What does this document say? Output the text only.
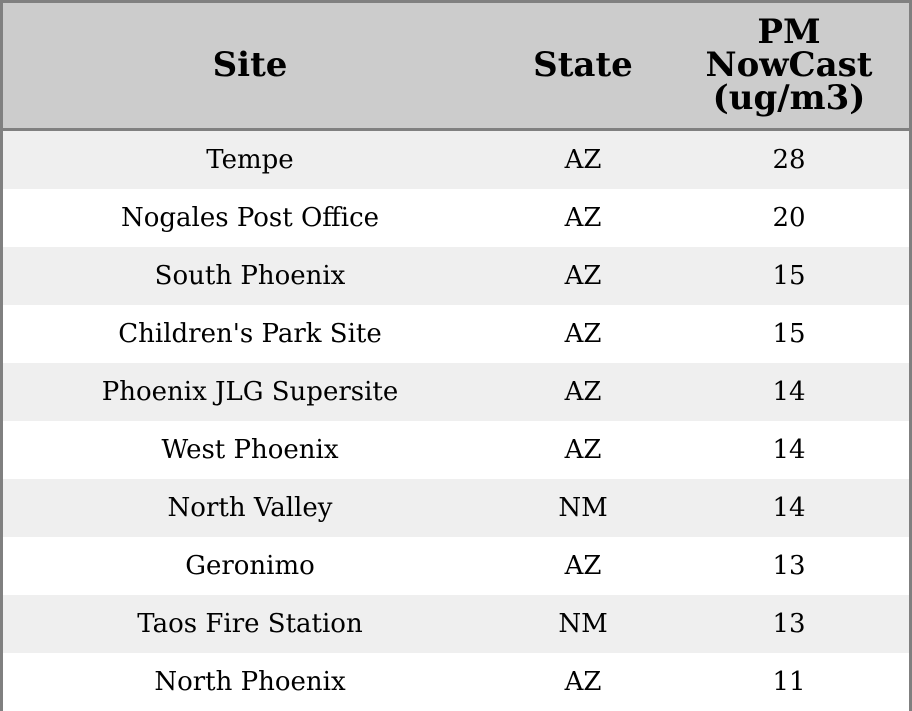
Site	State	PM
NowCast
(ug/m3)

Tempe	AZ	28
Nogales Post Office	AZ	20
South Phoenix	AZ	15
Children's Park Site	AZ	15
Phoenix JLG Supersite	AZ	14
West Phoenix	AZ	14
North Valley	NM	14
Geronimo	AZ	13
Taos Fire Station	NM	13
North Phoenix	AZ	11
